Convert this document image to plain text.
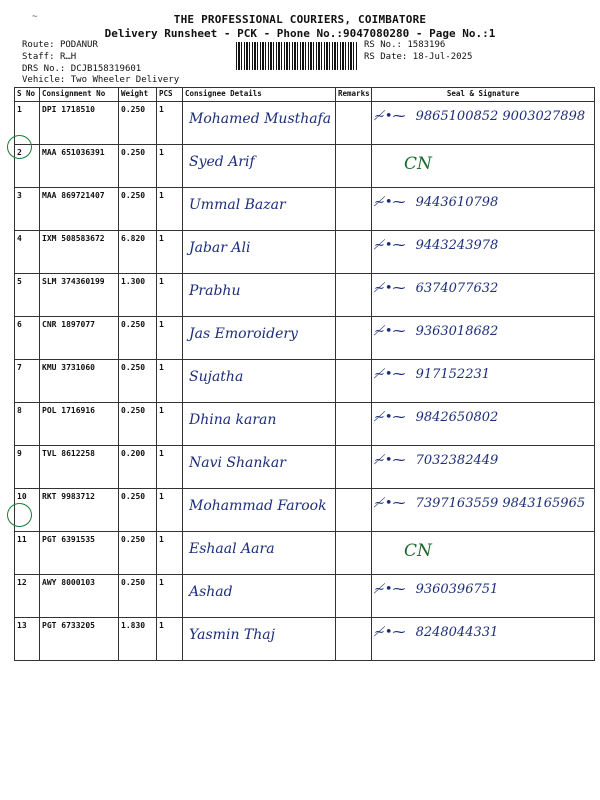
~	THE PROFESSIONAL COURIERS, COIMBATORE
Delivery Runsheet - PCK - Phone No.:9047080280 - Page No.:1
Route: PODANUR
Staff: R…H
DRS No.: DCJB158319601
Vehicle: Two Wheeler Delivery
RS No.: 1583196
RS Date: 18-Jul-2025
S No	Consignment No	Weight	PCS	Consignee Details	Remarks	Seal & Signature
1	DPI 1718510	0.250	1	Mohamed Musthafa		≁•⁓ 9865100852 9003027898

2	MAA 651036391	0.250	1	Syed Arif		CN

3	MAA 869721407	0.250	1	Ummal Bazar		≁•⁓ 9443610798

4	IXM 508583672	6.820	1	Jabar Ali		≁•⁓ 9443243978

5	SLM 374360199	1.300	1	Prabhu		≁•⁓ 6374077632

6	CNR 1897077	0.250	1	Jas Emoroidery		≁•⁓ 9363018682

7	KMU 3731060	0.250	1	Sujatha		≁•⁓ 917152231

8	POL 1716916	0.250	1	Dhina karan		≁•⁓ 9842650802

9	TVL 8612258	0.200	1	Navi Shankar		≁•⁓ 7032382449

10	RKT 9983712	0.250	1	Mohammad Farook		≁•⁓ 7397163559 9843165965

11	PGT 6391535	0.250	1	Eshaal Aara		CN

12	AWY 8000103	0.250	1	Ashad		≁•⁓ 9360396751

13	PGT 6733205	1.830	1	Yasmin Thaj		≁•⁓ 8248044331
